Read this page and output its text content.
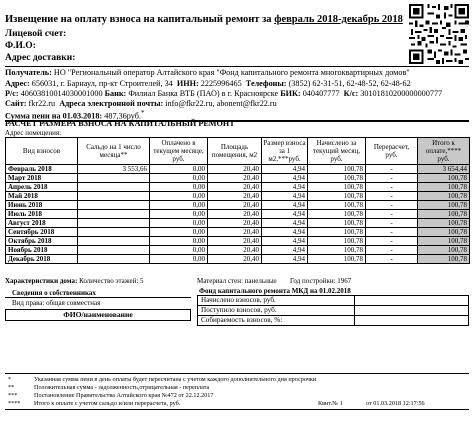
Извещение на оплату взноса на капитальный ремонт за февраль 2018-декабрь 2018
Лицевой счет:
Ф.И.О:
Адрес доставки:
Получатель: НО "Региональный оператор Алтайского края "Фонд капитального ремонта многоквартирных домов"
Адрес: 656031, г. Барнаул, пр-кт Строителей, 34 ИНН: 2225996465 Телефоны: (3852) 62-31-51, 62-48-52, 62-48-62
Р/с: 40603810014030001000 Банк: Филиал Банка ВТБ (ПАО) в г. Красноярске БИК: 040407777 К/с: 30101810200000000777
Сайт: fkr22.ru Адреса электронной почты: info@fkr22.ru, abonent@fkr22.ru
Сумма пени на 01.03.2018: 487,36руб.*
РАСЧЕТ РАЗМЕРА ВЗНОСА НА КАПИТАЛЬНЫЙ РЕМОНТ
Адрес помещения:
Вид взносов	Сальдо на 1 число месяца**	Оплачено в текущем месяце, руб.	Площадь помещения, м2	Размер взноса за 1 м2,***руб.	Начислено за текущий месяц, руб.	Перерасчет, руб.	Итого к оплате,**** руб.
Февраль 2018	3 553,66	0,00	20,40	4,94	100,78	-	3 654,44
Март 2018		0,00	20,40	4,94	100,78	-	100,78
Апрель 2018		0,00	20,40	4,94	100,78	-	100,78
Май 2018		0,00	20,40	4,94	100,78	-	100,78
Июнь 2018		0,00	20,40	4,94	100,78	-	100,78
Июль 2018		0,00	20,40	4,94	100,78	-	100,78
Август 2018		0,00	20,40	4,94	100,78	-	100,78
Сентябрь 2018		0,00	20,40	4,94	100,78	-	100,78
Октябрь 2018		0,00	20,40	4,94	100,78	-	100,78
Ноябрь 2018		0,00	20,40	4,94	100,78	-	100,78
Декабрь 2018		0,00	20,40	4,94	100,78	-	100,78
Характеристики дома: Количество этажей: 5	Материал стен: панельные Год постройки: 1967
Сведения о собственниках
Вид права: общая совместная
ФИО/наименование
Фонд капитального ремонта МКД на 01.02.2018
Начислено взносов, руб.	
Поступило взносов, руб.	
Собираемость взносов, %:	
*	Указанная сумма пени в день оплаты будет пересчитана с учетом каждого дополнительного дня просрочки
**	Положительная сумма - задолженность,отрицательная - переплата
***	Постановление Правительства Алтайского края №472 от 22.12.2017
**** Итого к оплате с учетом сальдо и/или перерасчета, руб.	Квит.№ 1	от 01.03.2018 12:17:56
